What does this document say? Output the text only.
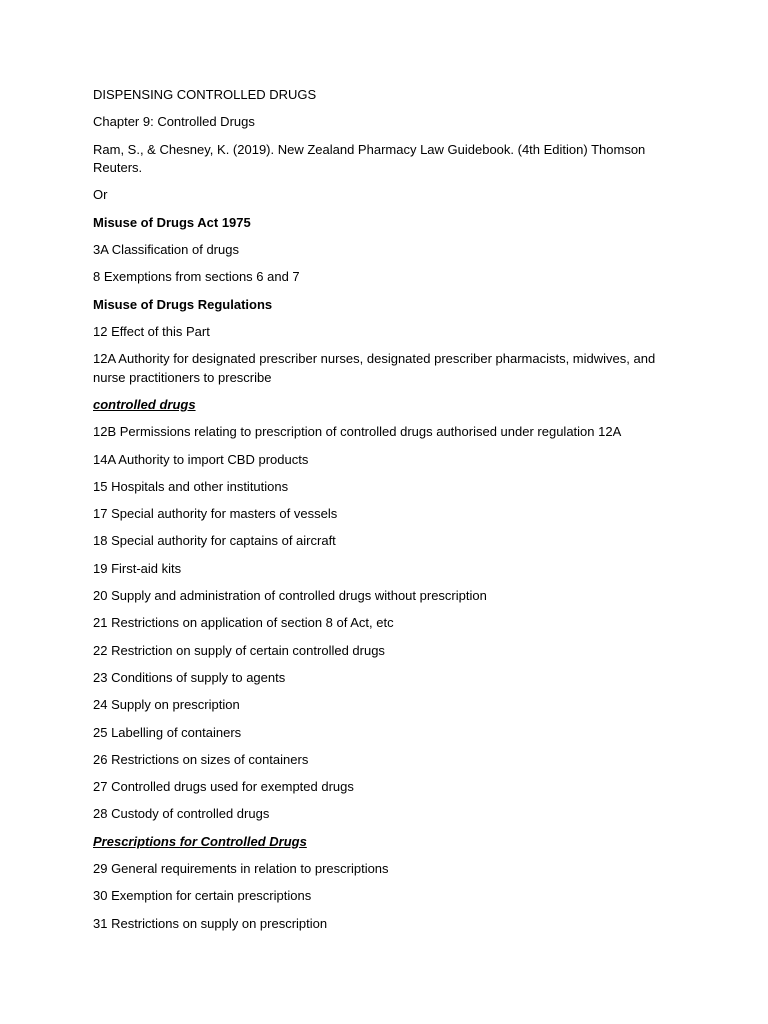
DISPENSING CONTROLLED DRUGS
Chapter 9: Controlled Drugs
Ram, S., & Chesney, K. (2019). New Zealand Pharmacy Law Guidebook. (4th Edition) Thomson Reuters.
Or
Misuse of Drugs Act 1975
3A Classification of drugs
8 Exemptions from sections 6 and 7
Misuse of Drugs Regulations
12 Effect of this Part
12A Authority for designated prescriber nurses, designated prescriber pharmacists, midwives, and nurse practitioners to prescribe
controlled drugs
12B Permissions relating to prescription of controlled drugs authorised under regulation 12A
14A Authority to import CBD products
15 Hospitals and other institutions
17 Special authority for masters of vessels
18 Special authority for captains of aircraft
19 First-aid kits
20 Supply and administration of controlled drugs without prescription
21 Restrictions on application of section 8 of Act, etc
22 Restriction on supply of certain controlled drugs
23 Conditions of supply to agents
24 Supply on prescription
25 Labelling of containers
26 Restrictions on sizes of containers
27 Controlled drugs used for exempted drugs
28 Custody of controlled drugs
Prescriptions for Controlled Drugs
29 General requirements in relation to prescriptions
30 Exemption for certain prescriptions
31 Restrictions on supply on prescription
